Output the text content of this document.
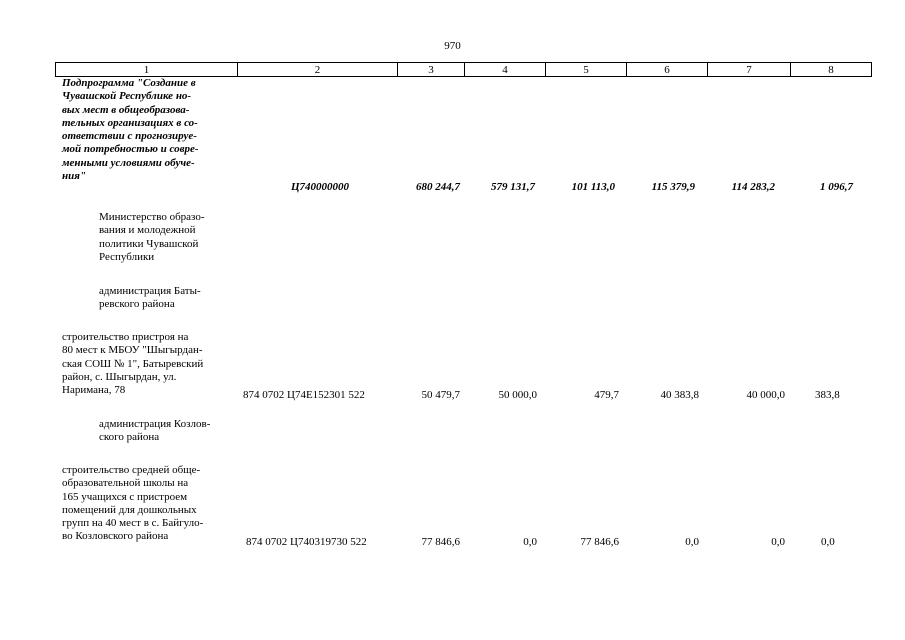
970
1	2	3	4	5	6	7	8
Подпрограмма "Создание в
Чувашской Республике но-
вых мест в общеобразова-
тельных организациях в со-
ответствии с прогнозируе-
мой потребностью и совре-
менными условиями обуче-
ния"
Ц740000000	680 244,7	579 131,7	101 113,0	115 379,9	114 283,2	1 096,7
Министерство образо-
вания и молодежной
политики Чувашской
Республики
администрация Баты-
ревского района
строительство пристроя на
80 мест к МБОУ "Шыгырдан-
ская СОШ № 1", Батыревский
район, с. Шыгырдан, ул.
Наримана, 78	874 0702 Ц74Е152301 522	50 479,7	50 000,0	479,7	40 383,8	40 000,0	383,8
администрация Козлов-
ского района
строительство средней обще-
образовательной школы на
165 учащихся с пристроем
помещений для дошкольных
групп на 40 мест в с. Байгуло-
во Козловского района	874 0702 Ц740319730 522	77 846,6	0,0	77 846,6	0,0	0,0	0,0
